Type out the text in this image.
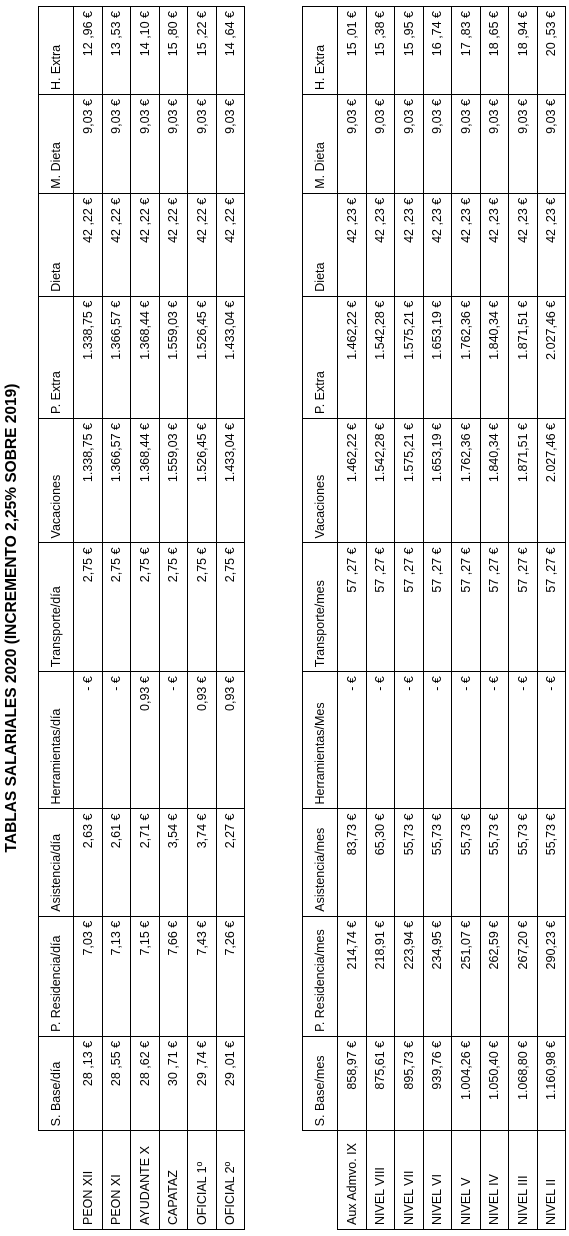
TABLAS SALARIALES 2020 (INCREMENTO 2,25% SOBRE 2019)
	S. Base/día	P. Residencia/día	Asistencia/día	Herramientas/día	Transporte/día	Vacaciones	P. Extra	Dieta	M. Dieta	H. Extra
PEON XII	28 ,13 €	7,03 €	2,63 €	- €	2,75 €	1.338,75 €	1.338,75 €	42 ,22 €	9,03 €	12 ,96 €
PEON XI	28 ,55 €	7,13 €	2,61 €	- €	2,75 €	1.366,57 €	1.366,57 €	42 ,22 €	9,03 €	13 ,53 €
AYUDANTE X	28 ,62 €	7,15 €	2,71 €	0,93 €	2,75 €	1.368,44 €	1.368,44 €	42 ,22 €	9,03 €	14 ,10 €
CAPATAZ	30 ,71 €	7,66 €	3,54 €	- €	2,75 €	1.559,03 €	1.559,03 €	42 ,22 €	9,03 €	15 ,80 €
OFICIAL 1º	29 ,74 €	7,43 €	3,74 €	0,93 €	2,75 €	1.526,45 €	1.526,45 €	42 ,22 €	9,03 €	15 ,22 €
OFICIAL 2º	29 ,01 €	7,26 €	2,27 €	0,93 €	2,75 €	1.433,04 €	1.433,04 €	42 ,22 €	9,03 €	14 ,64 €
	S. Base/mes	P. Residencia/mes	Asistencia/mes	Herramientas/Mes	Transporte/mes	Vacaciones	P. Extra	Dieta	M. Dieta	H. Extra
Aux Admvo. IX	858,97 €	214,74 €	83,73 €	- €	57 ,27 €	1.462,22 €	1.462,22 €	42 ,23 €	9,03 €	15 ,01 €
NIVEL VIII	875,61 €	218,91 €	65,30 €	- €	57 ,27 €	1.542,28 €	1.542,28 €	42 ,23 €	9,03 €	15 ,38 €
NIVEL VII	895,73 €	223,94 €	55,73 €	- €	57 ,27 €	1.575,21 €	1.575,21 €	42 ,23 €	9,03 €	15 ,95 €
NIVEL VI	939,76 €	234,95 €	55,73 €	- €	57 ,27 €	1.653,19 €	1.653,19 €	42 ,23 €	9,03 €	16 ,74 €
NIVEL V	1.004,26 €	251,07 €	55,73 €	- €	57 ,27 €	1.762,36 €	1.762,36 €	42 ,23 €	9,03 €	17 ,83 €
NIVEL IV	1.050,40 €	262,59 €	55,73 €	- €	57 ,27 €	1.840,34 €	1.840,34 €	42 ,23 €	9,03 €	18 ,65 €
NIVEL III	1.068,80 €	267,20 €	55,73 €	- €	57 ,27 €	1.871,51 €	1.871,51 €	42 ,23 €	9,03 €	18 ,94 €
NIVEL II	1.160,98 €	290,23 €	55,73 €	- €	57 ,27 €	2.027,46 €	2.027,46 €	42 ,23 €	9,03 €	20 ,53 €
